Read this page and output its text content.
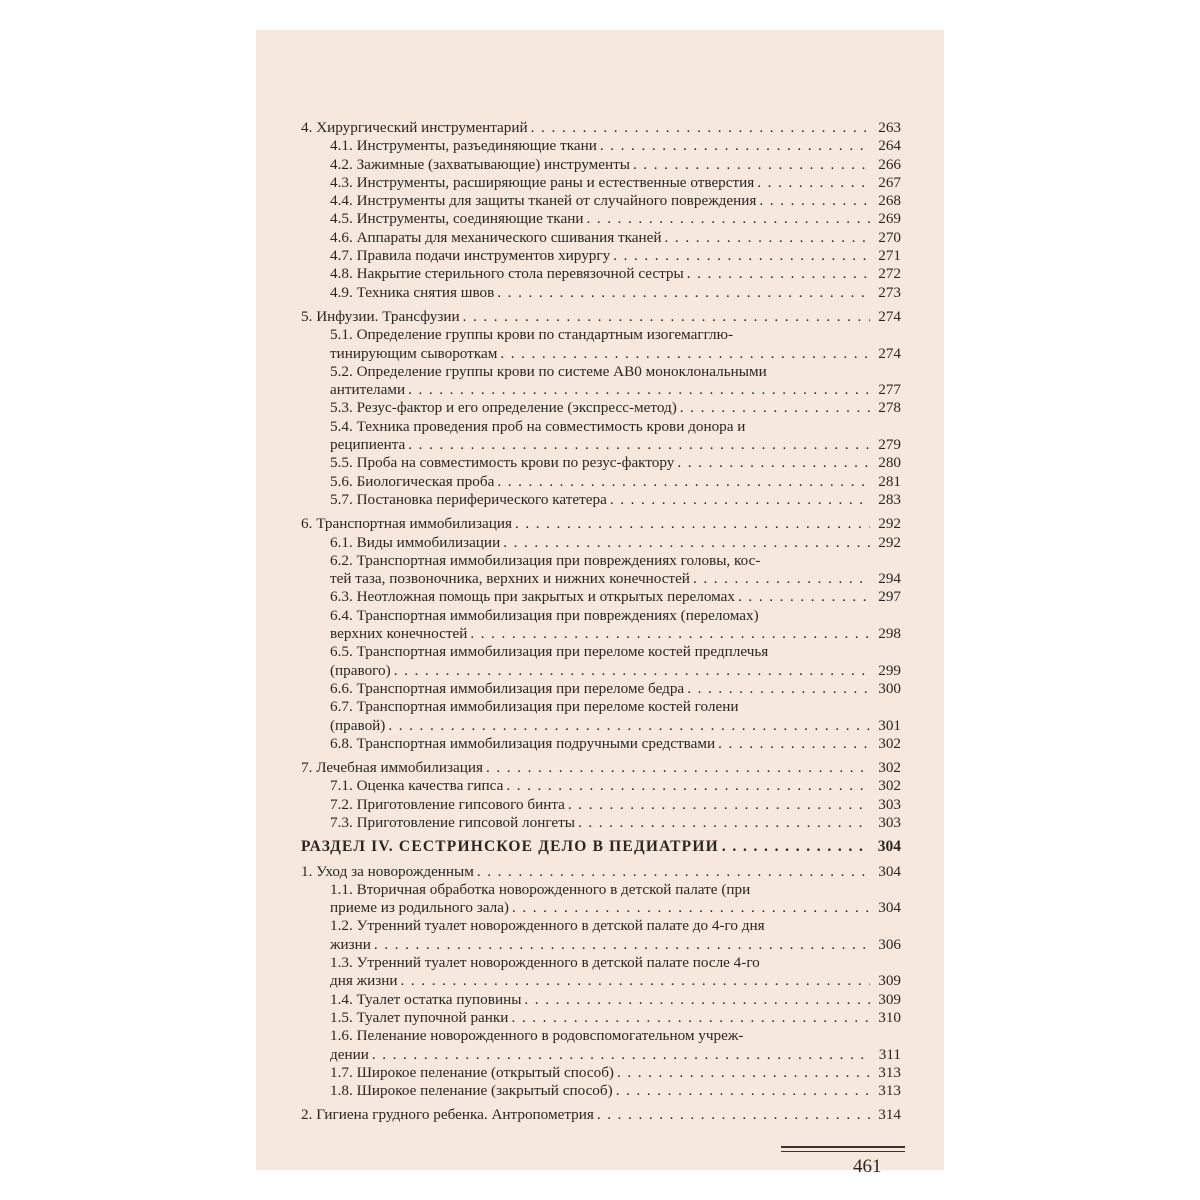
4. Хирургический инструментарий . . .	263
4.1. Инструменты, разъединяющие ткани . . .	264
4.2. Зажимные (захватывающие) инструменты . . .	266
4.3. Инструменты, расширяющие раны и естественные отверстия . . .	267
4.4. Инструменты для защиты тканей от случайного повреждения . . .	268
4.5. Инструменты, соединяющие ткани . . .	269
4.6. Аппараты для механического сшивания тканей . . .	270
4.7. Правила подачи инструментов хирургу . . .	271
4.8. Накрытие стерильного стола перевязочной сестры . . .	272
4.9. Техника снятия швов . . .	273
5. Инфузии. Трансфузии . . .	274
5.1. Определение группы крови по стандартным изогемагглю-
тинирующим сывороткам . . .	274
5.2. Определение группы крови по системе АВ0 моноклональными
антителами . . .	277
5.3. Резус-фактор и его определение (экспресс-метод) . . .	278
5.4. Техника проведения проб на совместимость крови донора и
реципиента . . .	279
5.5. Проба на совместимость крови по резус-фактору . . .	280
5.6. Биологическая проба . . .	281
5.7. Постановка периферического катетера . . .	283
6. Транспортная иммобилизация . . .	292
6.1. Виды иммобилизации . . .	292
6.2. Транспортная иммобилизация при повреждениях головы, кос-
тей таза, позвоночника, верхних и нижних конечностей . . .	294
6.3. Неотложная помощь при закрытых и открытых переломах . . .	297
6.4. Транспортная иммобилизация при повреждениях (переломах)
верхних конечностей . . .	298
6.5. Транспортная иммобилизация при переломе костей предплечья
(правого) . . .	299
6.6. Транспортная иммобилизация при переломе бедра . . .	300
6.7. Транспортная иммобилизация при переломе костей голени
(правой) . . .	301
6.8. Транспортная иммобилизация подручными средствами . . .	302
7. Лечебная иммобилизация . . .	302
7.1. Оценка качества гипса . . .	302
7.2. Приготовление гипсового бинта . . .	303
7.3. Приготовление гипсовой лонгеты . . .	303
РАЗДЕЛ IV. СЕСТРИНСКОЕ ДЕЛО В ПЕДИАТРИИ . . .	304
1. Уход за новорожденным . . .	304
1.1. Вторичная обработка новорожденного в детской палате (при
приеме из родильного зала) . . .	304
1.2. Утренний туалет новорожденного в детской палате до 4-го дня
жизни . . .	306
1.3. Утренний туалет новорожденного в детской палате после 4-го
дня жизни . . .	309
1.4. Туалет остатка пуповины . . .	309
1.5. Туалет пупочной ранки . . .	310
1.6. Пеленание новорожденного в родовспомогательном учреж-
дении . . .	311
1.7. Широкое пеленание (открытый способ) . . .	313
1.8. Широкое пеленание (закрытый способ) . . .	313
2. Гигиена грудного ребенка. Антропометрия . . .	314
461
